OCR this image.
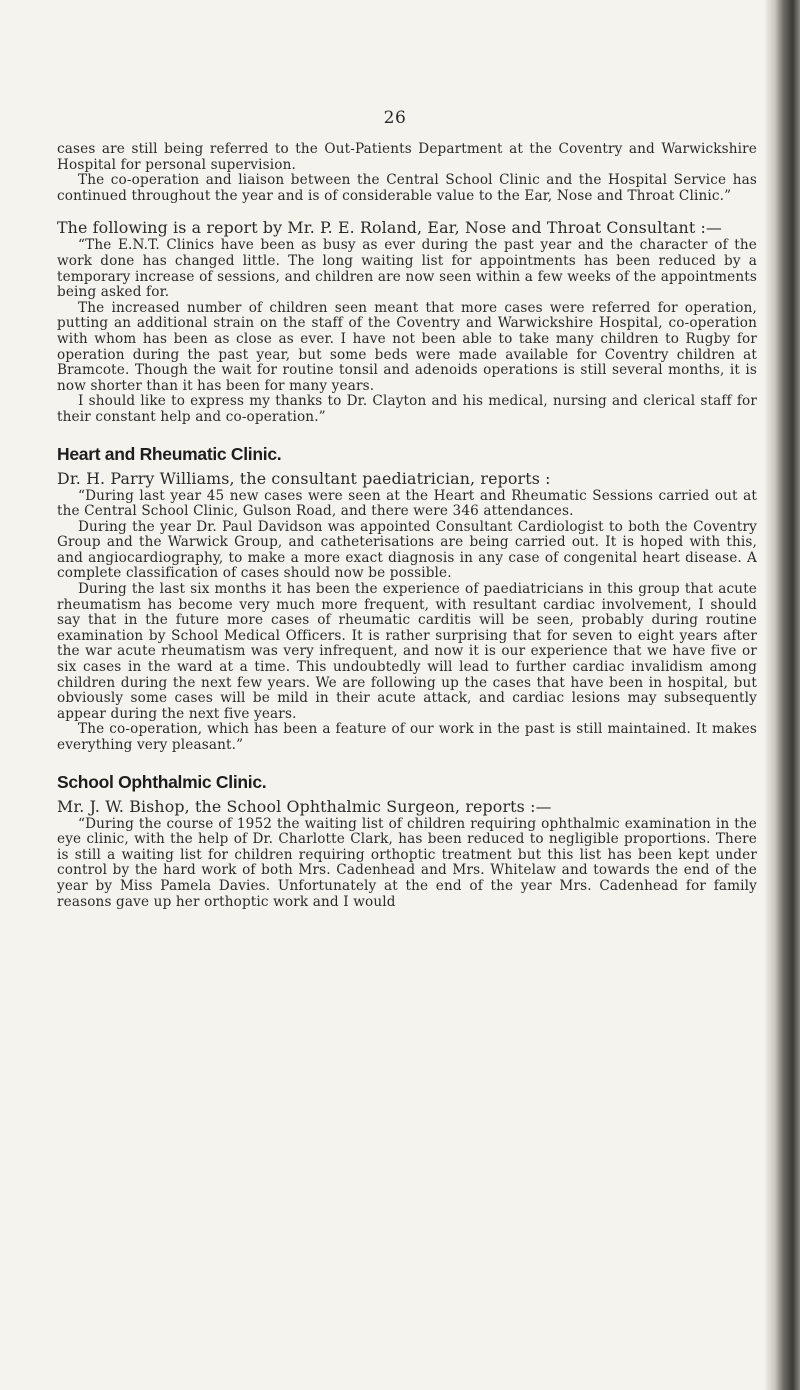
26

cases are still being referred to the Out-Patients Department at the Coventry and Warwickshire Hospital for personal supervision.

The co-operation and liaison between the Central School Clinic and the Hospital Service has continued throughout the year and is of considerable value to the Ear, Nose and Throat Clinic.”

The following is a report by Mr. P. E. Roland, Ear, Nose and Throat Consultant :—

“The E.N.T. Clinics have been as busy as ever during the past year and the character of the work done has changed little. The long waiting list for appointments has been reduced by a temporary increase of sessions, and children are now seen within a few weeks of the appointments being asked for.

The increased number of children seen meant that more cases were referred for operation, putting an additional strain on the staff of the Coventry and Warwickshire Hospital, co-operation with whom has been as close as ever. I have not been able to take many children to Rugby for operation during the past year, but some beds were made available for Coventry children at Bramcote. Though the wait for routine tonsil and adenoids operations is still several months, it is now shorter than it has been for many years.

I should like to express my thanks to Dr. Clayton and his medical, nursing and clerical staff for their constant help and co-operation.”

Heart and Rheumatic Clinic.

Dr. H. Parry Williams, the consultant paediatrician, reports :

“During last year 45 new cases were seen at the Heart and Rheumatic Sessions carried out at the Central School Clinic, Gulson Road, and there were 346 attendances.

During the year Dr. Paul Davidson was appointed Consultant Cardiologist to both the Coventry Group and the Warwick Group, and catheterisations are being carried out. It is hoped with this, and angiocardiography, to make a more exact diagnosis in any case of congenital heart disease. A complete classification of cases should now be possible.

During the last six months it has been the experience of paediatricians in this group that acute rheumatism has become very much more frequent, with resultant cardiac involvement, I should say that in the future more cases of rheumatic carditis will be seen, probably during routine examination by School Medical Officers. It is rather surprising that for seven to eight years after the war acute rheumatism was very infrequent, and now it is our experience that we have five or six cases in the ward at a time. This undoubtedly will lead to further cardiac invalidism among children during the next few years. We are following up the cases that have been in hospital, but obviously some cases will be mild in their acute attack, and cardiac lesions may subsequently appear during the next five years.

The co-operation, which has been a feature of our work in the past is still maintained. It makes everything very pleasant.”

School Ophthalmic Clinic.

Mr. J. W. Bishop, the School Ophthalmic Surgeon, reports :—

“During the course of 1952 the waiting list of children requiring ophthalmic examination in the eye clinic, with the help of Dr. Charlotte Clark, has been reduced to negligible proportions. There is still a waiting list for children requiring orthoptic treatment but this list has been kept under control by the hard work of both Mrs. Cadenhead and Mrs. Whitelaw and towards the end of the year by Miss Pamela Davies. Unfortunately at the end of the year Mrs. Cadenhead for family reasons gave up her orthoptic work and I would
